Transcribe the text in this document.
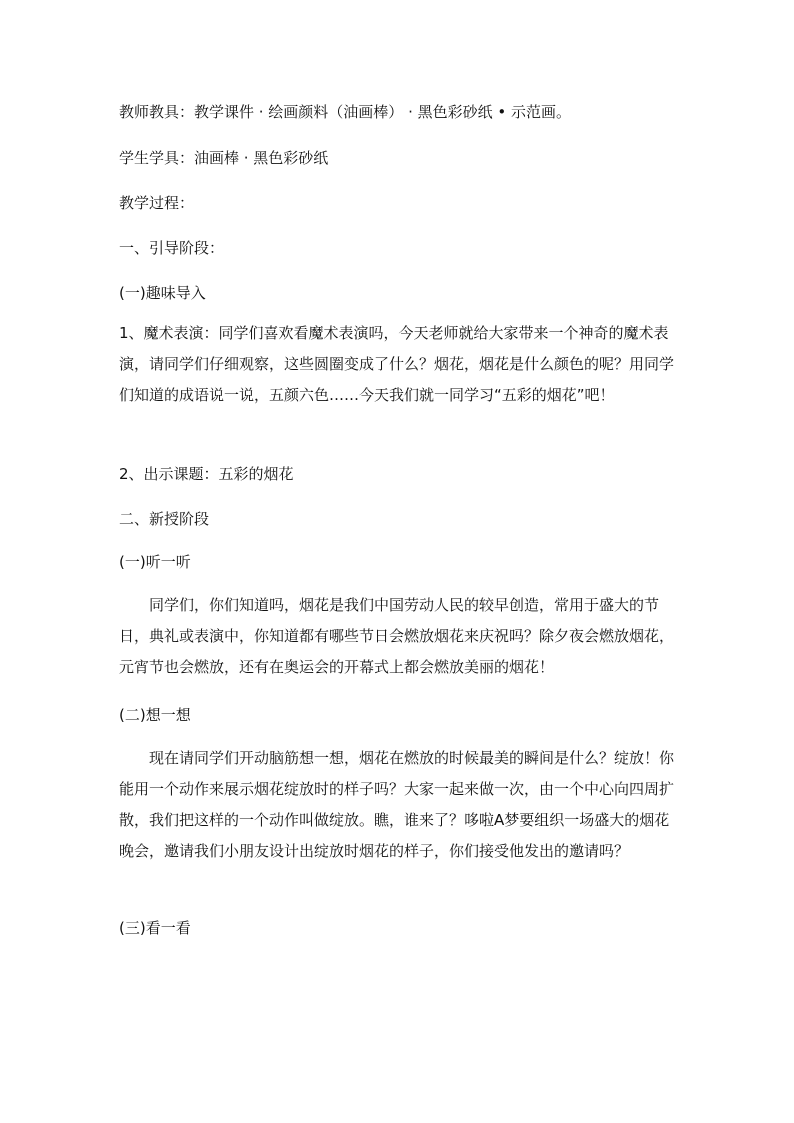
教师教具：教学课件 · 绘画颜料（油画棒） · 黑色彩砂纸 • 示范画。
学生学具：油画棒 · 黑色彩砂纸
教学过程：
一、引导阶段：
(一)趣味导入
1、魔术表演：同学们喜欢看魔术表演吗，今天老师就给大家带来一个神奇的魔术表演，请同学们仔细观察，这些圆圈变成了什么？烟花，烟花是什么颜色的呢？用同学们知道的成语说一说，五颜六色……今天我们就一同学习“五彩的烟花”吧！
2、出示课题：五彩的烟花
二、新授阶段
(一)听一听
同学们，你们知道吗，烟花是我们中国劳动人民的较早创造，常用于盛大的节日，典礼或表演中，你知道都有哪些节日会燃放烟花来庆祝吗？除夕夜会燃放烟花，元宵节也会燃放，还有在奥运会的开幕式上都会燃放美丽的烟花！
(二)想一想
现在请同学们开动脑筋想一想，烟花在燃放的时候最美的瞬间是什么？绽放！你能用一个动作来展示烟花绽放时的样子吗？大家一起来做一次，由一个中心向四周扩散，我们把这样的一个动作叫做绽放。瞧，谁来了？哆啦A梦要组织一场盛大的烟花晚会，邀请我们小朋友设计出绽放时烟花的样子，你们接受他发出的邀请吗？
(三)看一看
